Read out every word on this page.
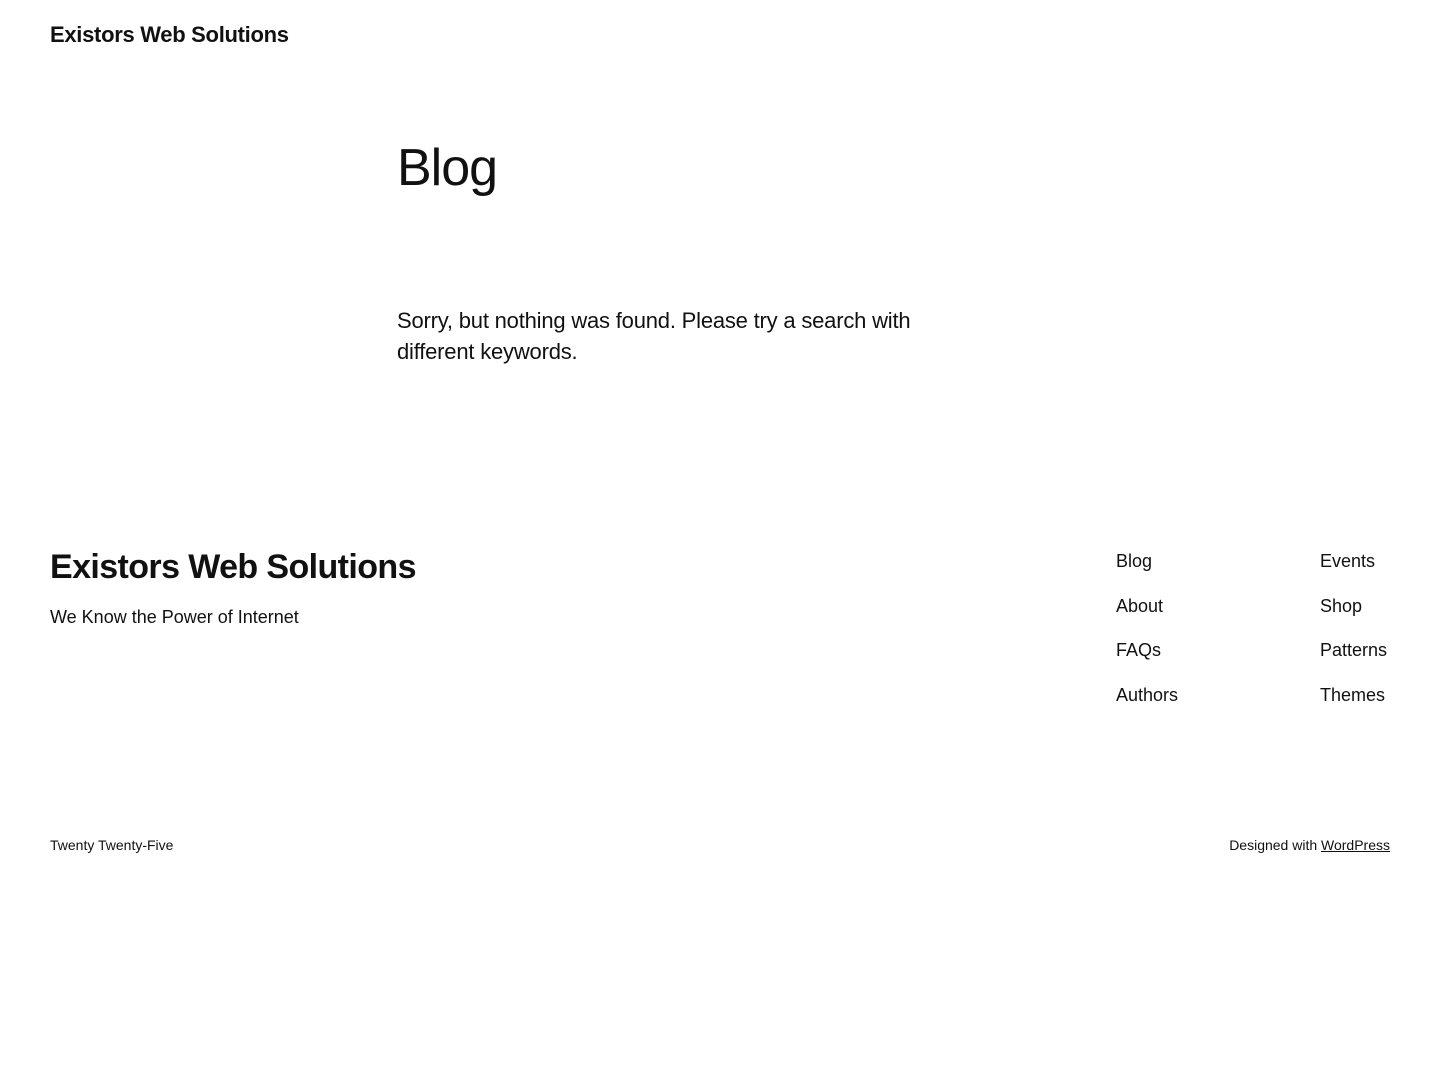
Existors Web Solutions
Blog

Sorry, but nothing was found. Please try a search with different keywords.

Existors Web Solutions

We Know the Power of Internet

Blog
About
FAQs
Authors
Events
Shop
Patterns
Themes
Twenty Twenty-Five	Designed with WordPress
